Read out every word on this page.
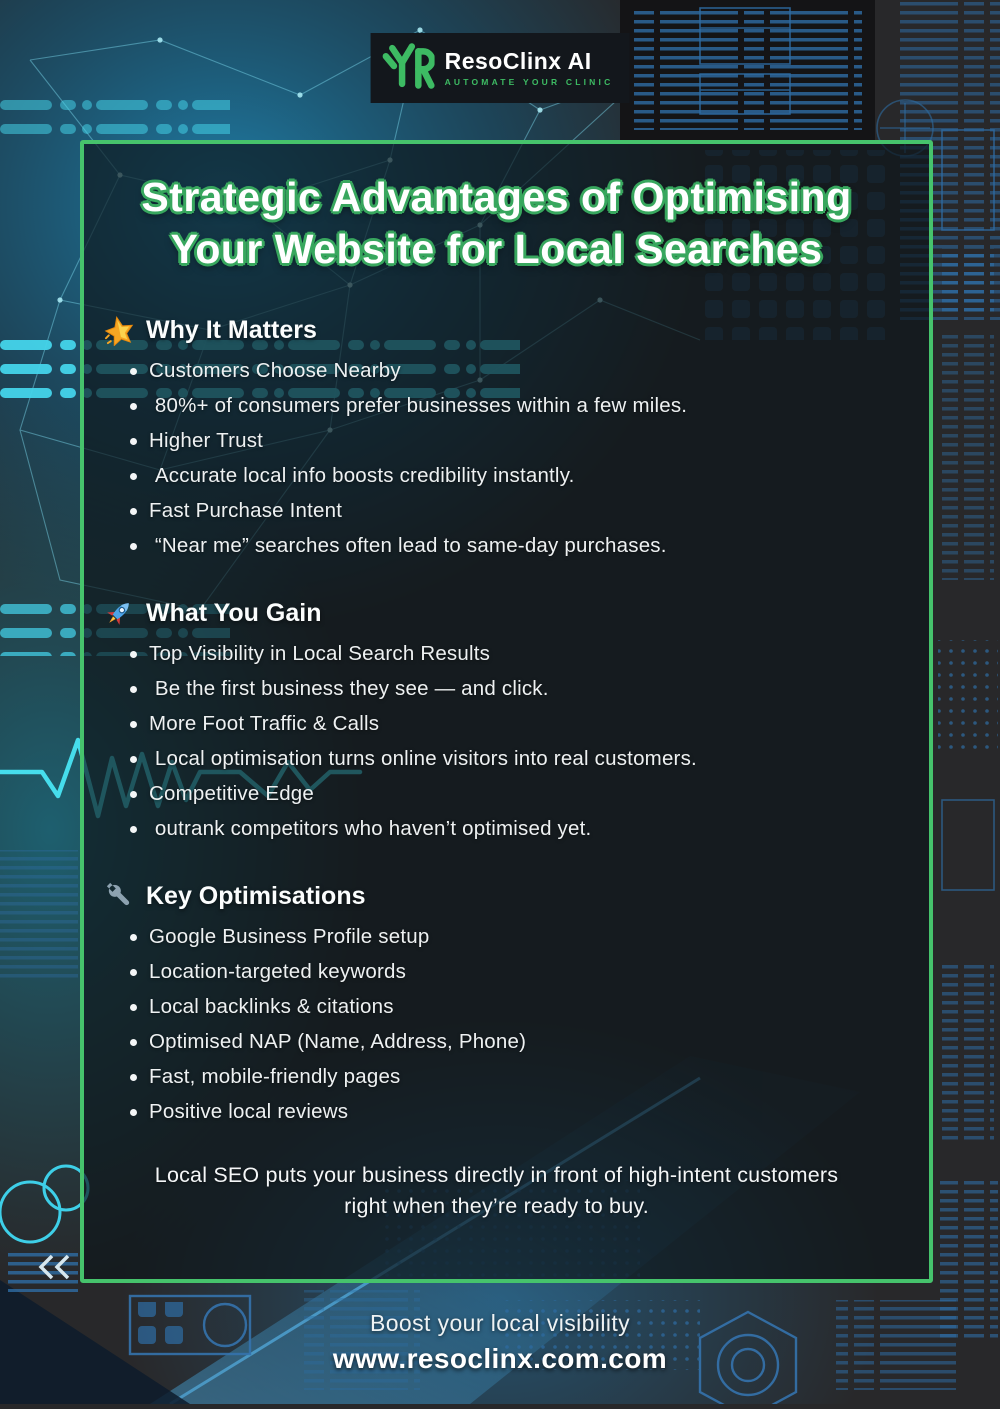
ResoClinx AI
AUTOMATE YOUR CLINIC
Strategic Advantages of Optimising
Your Website for Local Searches
Why It Matters
Customers Choose Nearby
80%+ of consumers prefer businesses within a few miles.
Higher Trust
Accurate local info boosts credibility instantly.
Fast Purchase Intent
“Near me” searches often lead to same-day purchases.
What You Gain
Top Visibility in Local Search Results
Be the first business they see — and click.
More Foot Traffic & Calls
Local optimisation turns online visitors into real customers.
Competitive Edge
outrank competitors who haven’t optimised yet.
Key Optimisations
Google Business Profile setup
Location-targeted keywords
Local backlinks & citations
Optimised NAP (Name, Address, Phone)
Fast, mobile-friendly pages
Positive local reviews

Local SEO puts your business directly in front of high-intent customers
right when they’re ready to buy.

Boost your local visibility
www.resoclinx.com.com
